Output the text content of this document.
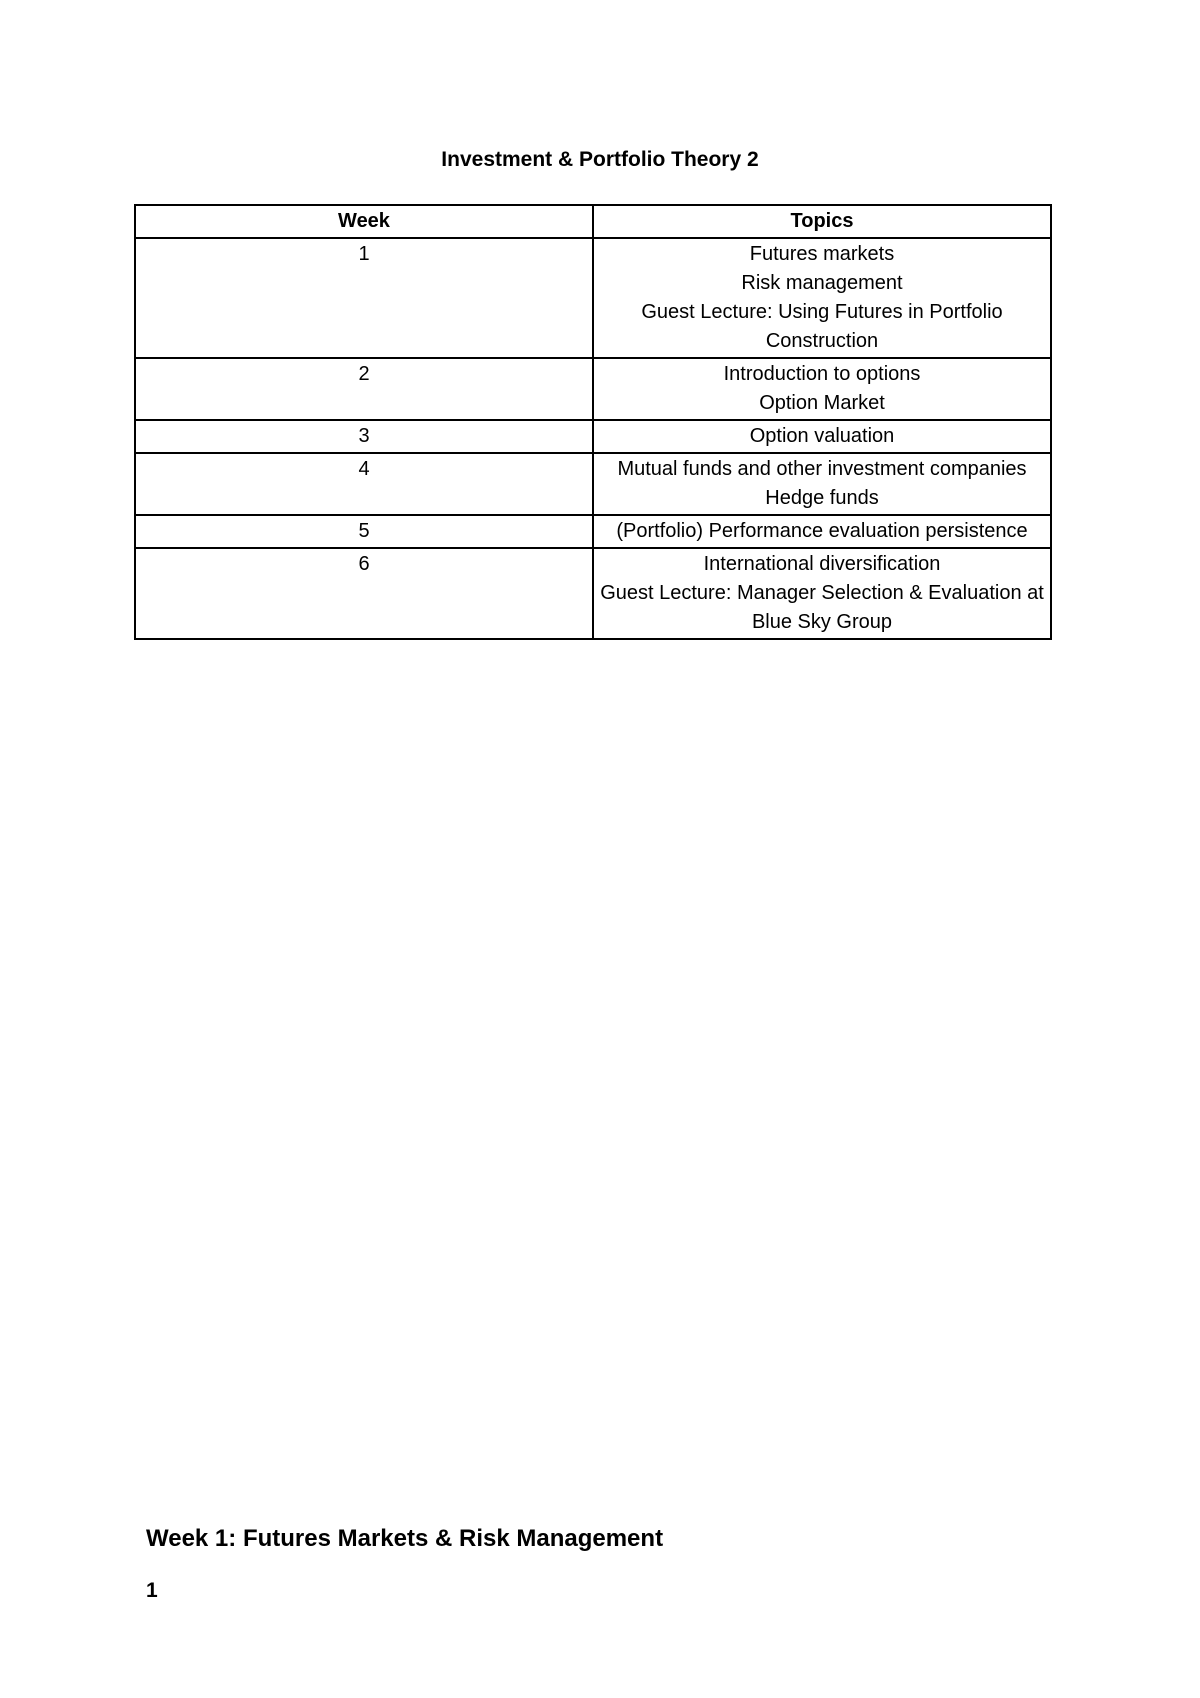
Investment & Portfolio Theory 2
Week	Topics
1	Futures markets
Risk management
Guest Lecture: Using Futures in Portfolio Construction

2	Introduction to options
Option Market

3	Option valuation

4	Mutual funds and other investment companies
Hedge funds

5	(Portfolio) Performance evaluation persistence

6	International diversification
Guest Lecture: Manager Selection & Evaluation at Blue Sky Group
Week 1: Futures Markets & Risk Management
1
